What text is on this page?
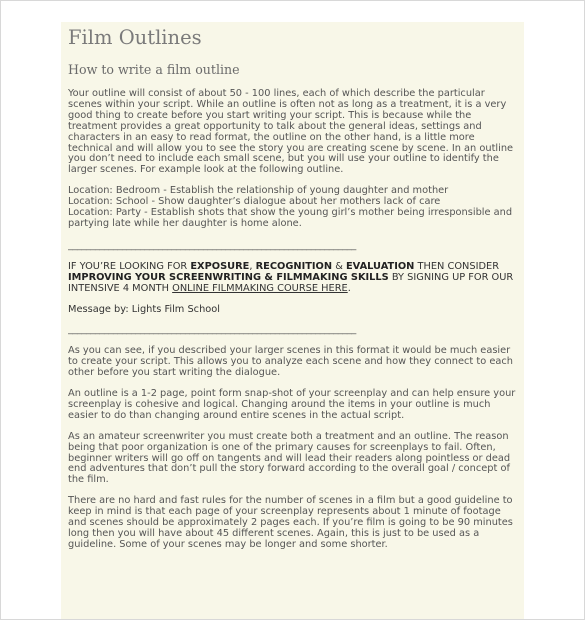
Film Outlines
How to write a film outline

Your outline will consist of about 50 - 100 lines, each of which describe the particular scenes within your script. While an outline is often not as long as a treatment, it is a very good thing to create before you start writing your script. This is because while the treatment provides a great opportunity to talk about the general ideas, settings and characters in an easy to read format, the outline on the other hand, is a little more technical and will allow you to see the story you are creating scene by scene. In an outline you don’t need to include each small scene, but you will use your outline to identify the larger scenes. For example look at the following outline.

Location: Bedroom - Establish the relationship of young daughter and mother
Location: School - Show daughter’s dialogue about her mothers lack of care
Location: Party - Establish shots that show the young girl’s mother being irresponsible and partying late while her daughter is home alone.
________________________________________________________________

IF YOU’RE LOOKING FOR EXPOSURE, RECOGNITION & EVALUATION THEN CONSIDER IMPROVING YOUR SCREENWRITING & FILMMAKING SKILLS BY SIGNING UP FOR OUR INTENSIVE 4 MONTH ONLINE FILMMAKING COURSE HERE.

Message by: Lights Film School

________________________________________________________________

As you can see, if you described your larger scenes in this format it would be much easier to create your script. This allows you to analyze each scene and how they connect to each other before you start writing the dialogue.

An outline is a 1-2 page, point form snap-shot of your screenplay and can help ensure your screenplay is cohesive and logical. Changing around the items in your outline is much easier to do than changing around entire scenes in the actual script.

As an amateur screenwriter you must create both a treatment and an outline. The reason being that poor organization is one of the primary causes for screenplays to fail. Often, beginner writers will go off on tangents and will lead their readers along pointless or dead end adventures that don’t pull the story forward according to the overall goal / concept of the film.

There are no hard and fast rules for the number of scenes in a film but a good guideline to keep in mind is that each page of your screenplay represents about 1 minute of footage and scenes should be approximately 2 pages each. If you’re film is going to be 90 minutes long then you will have about 45 different scenes. Again, this is just to be used as a guideline. Some of your scenes may be longer and some shorter.
